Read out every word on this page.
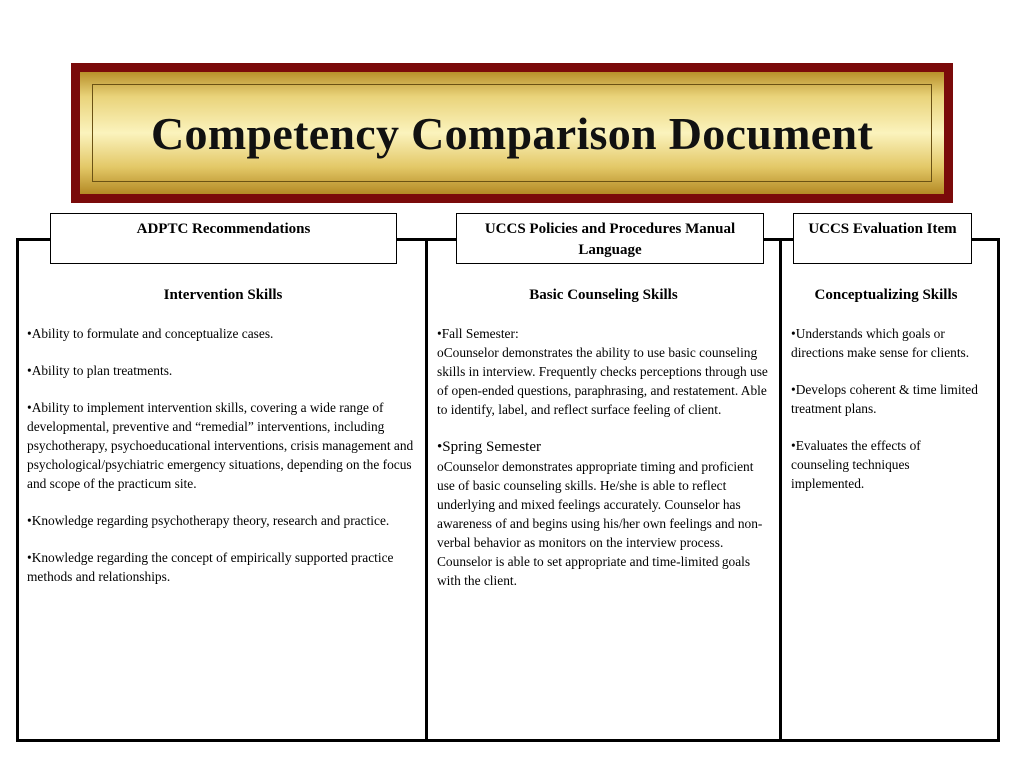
Competency Comparison Document
ADPTC Recommendations	UCCS Policies and Procedures Manual Language
UCCS Evaluation Item
Intervention Skills

•Ability to formulate and conceptualize cases.

•Ability to plan treatments.

•Ability to implement intervention skills, covering a wide range of developmental, preventive and “remedial” interventions, including psychotherapy, psychoeducational interventions, crisis management and psychological/psychiatric emergency situations, depending on the focus and scope of the practicum site.

•Knowledge regarding psychotherapy theory, research and practice.

•Knowledge regarding the concept of empirically supported practice methods and relationships.

Basic Counseling Skills

•Fall Semester:

oCounselor demonstrates the ability to use basic counseling skills in interview. Frequently checks perceptions through use of open-ended questions, paraphrasing, and restatement. Able to identify, label, and reflect surface feeling of client.

•Spring Semester

oCounselor demonstrates appropriate timing and proficient use of basic counseling skills. He/she is able to reflect underlying and mixed feelings accurately. Counselor has awareness of and begins using his/her own feelings and non-verbal behavior as monitors on the interview process. Counselor is able to set appropriate and time-limited goals with the client.

Conceptualizing Skills

•Understands which goals or directions make sense for clients.

•Develops coherent & time limited treatment plans.

•Evaluates the effects of counseling techniques implemented.
